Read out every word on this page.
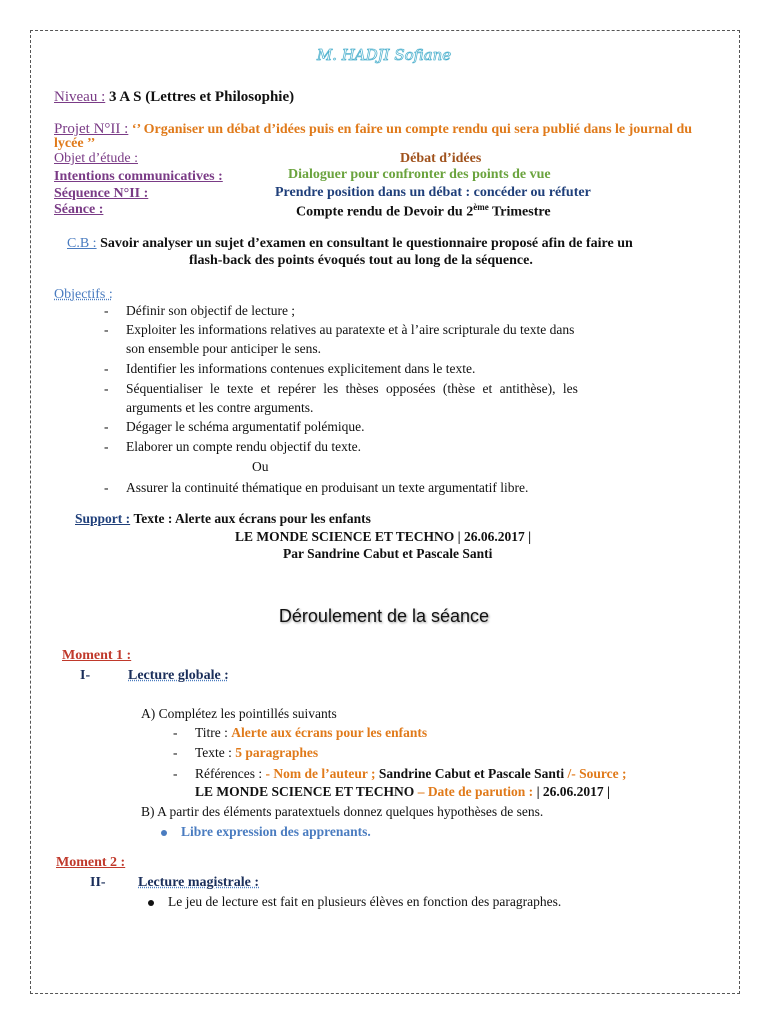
M. HADJI Sofiane
Niveau : 3 A S (Lettres et Philosophie)
Projet N°II : ‘’ Organiser un débat d’idées puis en faire un compte rendu qui sera publié dans le journal du
lycée ’’
Objet d’étude :	Débat d’idées
Intentions communicatives :	Dialoguer pour confronter des points de vue
Séquence N°II :	Prendre position dans un débat : concéder ou réfuter
Séance :	Compte rendu de Devoir du 2ème Trimestre
C.B : Savoir analyser un sujet d’examen en consultant le questionnaire proposé afin de faire un
flash-back des points évoqués tout au long de la séquence.
Objectifs :
- Définir son objectif de lecture ;
- Exploiter les informations relatives au paratexte et à l’aire scripturale du texte dans
son ensemble pour anticiper le sens.
- Identifier les informations contenues explicitement dans le texte.
- Séquentialiser le texte et repérer les thèses opposées (thèse et antithèse), les
arguments et les contre arguments.
- Dégager le schéma argumentatif polémique.
- Elaborer un compte rendu objectif du texte.
Ou
- Assurer la continuité thématique en produisant un texte argumentatif libre.
Support : Texte : Alerte aux écrans pour les enfants
LE MONDE SCIENCE ET TECHNO | 26.06.2017 |
Par Sandrine Cabut et Pascale Santi
Déroulement de la séance
Moment 1 :
I-	Lecture globale :
A) Complétez les pointillés suivants
- Titre : Alerte aux écrans pour les enfants
- Texte : 5 paragraphes
- Références : - Nom de l’auteur ; Sandrine Cabut et Pascale Santi /- Source ;
LE MONDE SCIENCE ET TECHNO – Date de parution : | 26.06.2017 |
B) A partir des éléments paratextuels donnez quelques hypothèses de sens.
Libre expression des apprenants.
Moment 2 :
II- Lecture magistrale :
Le jeu de lecture est fait en plusieurs élèves en fonction des paragraphes.
